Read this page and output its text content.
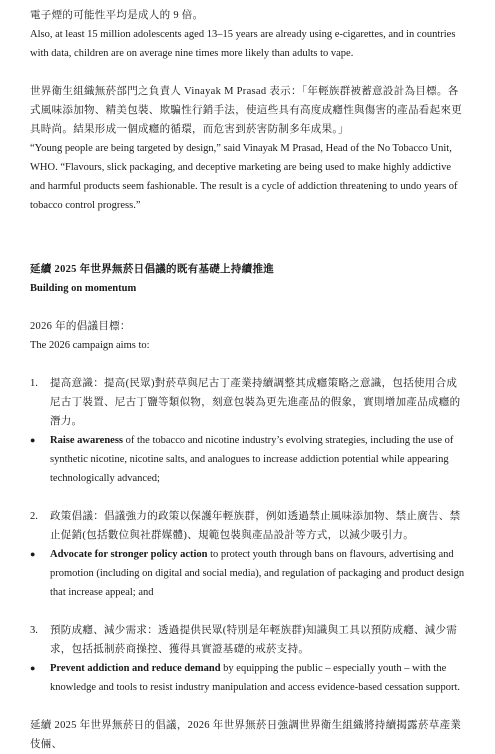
電子煙的可能性平均是成人的 9 倍。

Also, at least 15 million adolescents aged 13–15 years are already using e-cigarettes, and in countries with data, children are on average nine times more likely than adults to vape.

世界衛生組織無菸部門之負責人 Vinayak M Prasad 表示：「年輕族群被蓄意設計為目標。各式風味添加物、精美包裝、欺騙性行銷手法，使這些具有高度成癮性與傷害的產品看起來更具時尚。結果形成一個成癮的循環，而危害到菸害防制多年成果。」

“Young people are being targeted by design,” said Vinayak M Prasad, Head of the No Tobacco Unit, WHO. “Flavours, slick packaging, and deceptive marketing are being used to make highly addictive and harmful products seem fashionable. The result is a cycle of addiction threatening to undo years of tobacco control progress.”

延續 2025 年世界無菸日倡議的既有基礎上持續推進

Building on momentum

2026 年的倡議目標：

The 2026 campaign aims to:

1.	提高意識：提高(民眾)對菸草與尼古丁產業持續調整其成癮策略之意識，包括使用合成尼古丁裝置、尼古丁鹽等類似物，刻意包裝為更先進產品的假象，實則增加產品成癮的潛力。
●	Raise awareness of the tobacco and nicotine industry’s evolving strategies, including the use of synthetic nicotine, nicotine salts, and analogues to increase addiction potential while appearing technologically advanced;
2.	政策倡議：倡議強力的政策以保護年輕族群，例如透過禁止風味添加物、禁止廣告、禁止促銷(包括數位與社群媒體)、規範包裝與產品設計等方式，以減少吸引力。
●	Advocate for stronger policy action to protect youth through bans on flavours, advertising and promotion (including on digital and social media), and regulation of packaging and product design that increase appeal; and
3.	預防成癮、減少需求：透過提供民眾(特別是年輕族群)知識與工具以預防成癮、減少需求，包括抵制菸商操控、獲得具實證基礎的戒菸支持。
●	Prevent addiction and reduce demand by equipping the public – especially youth – with the knowledge and tools to resist industry manipulation and access evidence-based cessation support.

延續 2025 年世界無菸日的倡議，2026 年世界無菸日強調世界衛生組織將持續揭露菸草產業伎倆、
